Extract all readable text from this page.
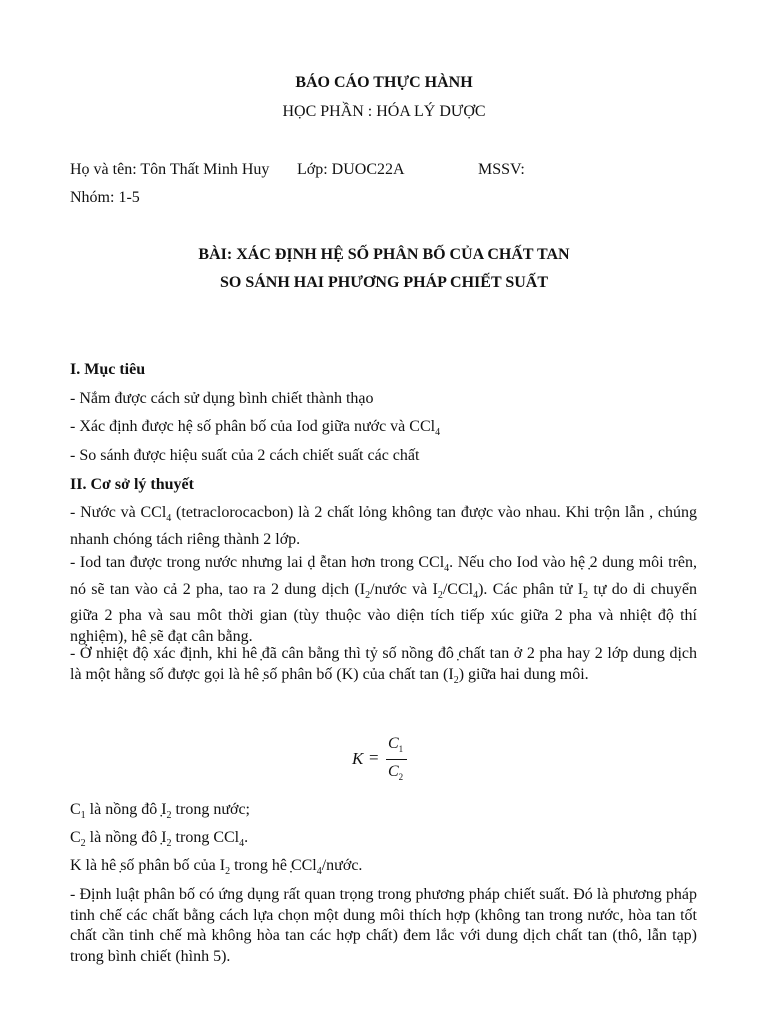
BÁO CÁO THỰC HÀNH
HỌC PHẦN : HÓA LÝ DƯỢC
Họ và tên: Tôn Thất Minh Huy Lớp: DUOC22A	MSSV:
Nhóm: 1-5
BÀI: XÁC ĐỊNH HỆ SỐ PHÂN BỐ CỦA CHẤT TAN
SO SÁNH HAI PHƯƠNG PHÁP CHIẾT SUẤT
I. Mục tiêu
- Nắm được cách sử dụng bình chiết thành thạo
- Xác định được hệ số phân bố của Iod giữa nước và CCl$_4$
- So sánh được hiệu suất của 2 cách chiết suất các chất
II. Cơ sở lý thuyết
- Nước và CCl$_4$ (tetraclorocacbon) là 2 chất lỏng không tan được vào nhau. Khi trộn lẫn , chúng nhanh chóng tách riêng thành 2 lớp.
- Iod tan được trong nước nhưng lai ḍ ễtan hơn trong CCl$_4$. Nếu cho Iod vào hệ ̣2 dung môi trên, nó sẽ tan vào cả 2 pha, tao ra 2 dung dịch ($I_2$/nước và $I_2/CCl_4$). Các phân tử $I_2$ tự do di chuyển giữa 2 pha và sau môt thời gian (tùy thuộc vào diện tích tiếp xúc giữa 2 pha và nhiệt độ thí nghiệm), hê ̣sẽ đạt cân bằng.
- Ở nhiệt độ xác định, khi hê ̣đã cân bằng thì tỷ số nồng đô ̣chất tan ở 2 pha hay 2 lớp dung dịch là một hằng số được gọi là hê ̣số phân bố (K) của chất $\tan (I_2)$ giữa hai dung môi.
K =
$C_1$
$C_2$
$C_1$ là nồng đô $̣I_2$ trong nước;
$C_2$ là nồng đô $̣I_2$ trong CCl$_4$.
K là hê ̣số phân bố của $I_2$ trong hê ̣CCl$_4$/nước.
- Định luật phân bố có ứng dụng rất quan trọng trong phương pháp chiết suất. Đó là phương pháp tinh chế các chất bằng cách lựa chọn một dung môi thích hợp (không tan trong nước, hòa tan tốt chất cần tinh chế mà không hòa tan các hợp chất) đem lắc với dung dịch chất tan (thô, lẫn tạp) trong bình chiết (hình 5).
